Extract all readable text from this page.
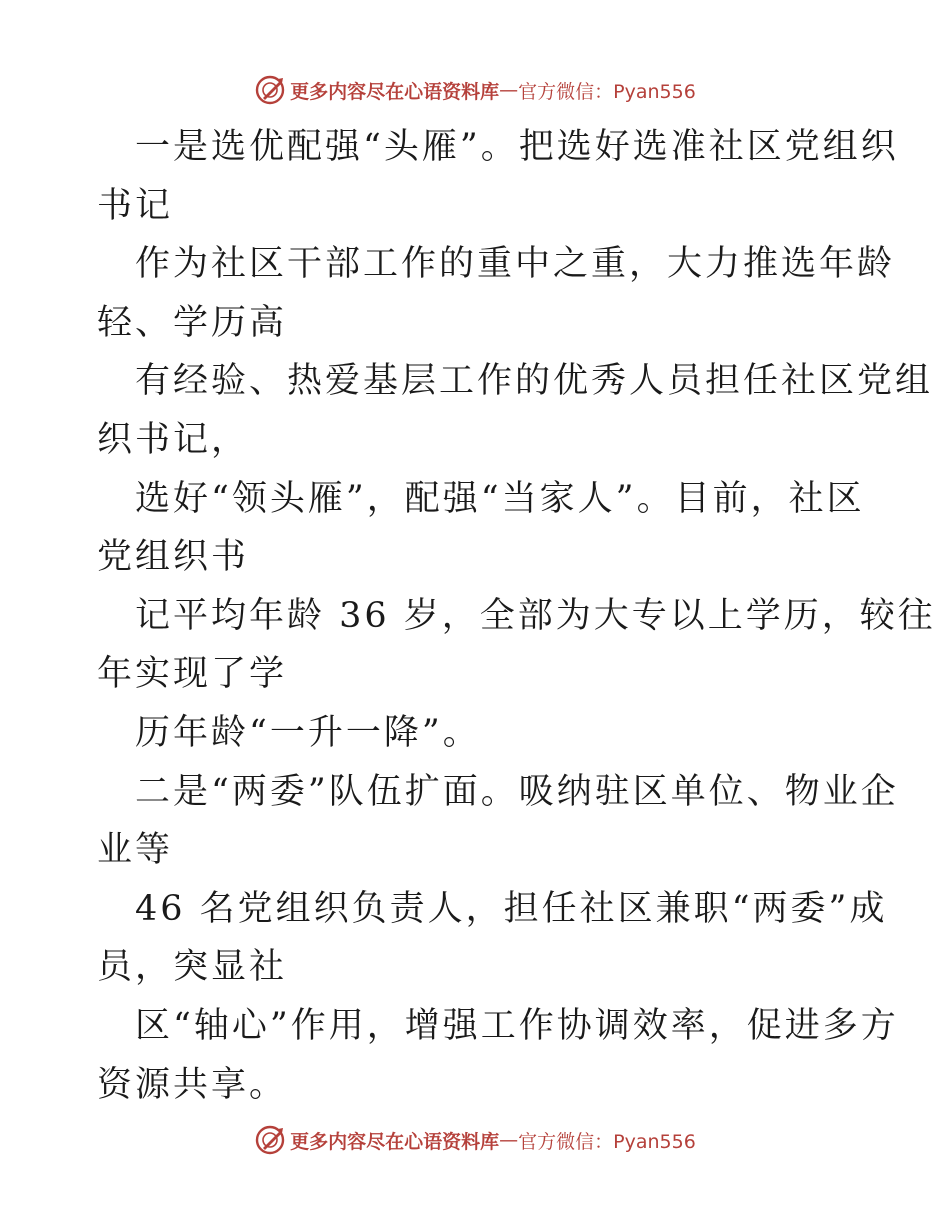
更多内容尽在心语资料库 — 官方微信：Pyan556
一是选优配强“头雁”。把选好选准社区党组织
书记
作为社区干部工作的重中之重，大力推选年龄
轻、学历高
有经验、热爱基层工作的优秀人员担任社区党组
织书记，
选好“领头雁”，配强“当家人”。目前，社区
党组织书
记平均年龄 36 岁，全部为大专以上学历，较往
年实现了学
历年龄“一升一降”。
二是“两委”队伍扩面。吸纳驻区单位、物业企
业等
46 名党组织负责人，担任社区兼职“两委”成
员，突显社
区“轴心”作用，增强工作协调效率，促进多方
资源共享。
更多内容尽在心语资料库 — 官方微信：Pyan556
